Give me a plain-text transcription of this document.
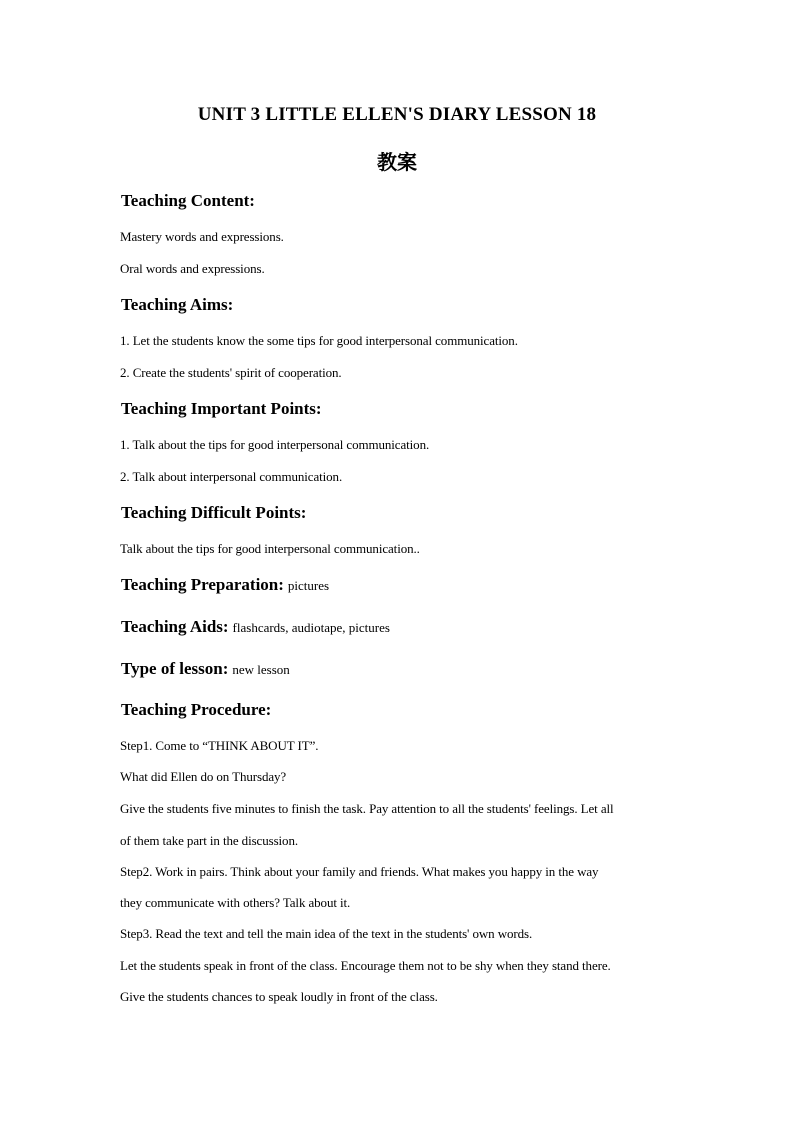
UNIT 3 LITTLE ELLEN'S DIARY LESSON 18
教案
Teaching Content:
Mastery words and expressions.
Oral words and expressions.
Teaching Aims:
1. Let the students know the some tips for good interpersonal communication.
2. Create the students' spirit of cooperation.
Teaching Important Points:
1. Talk about the tips for good interpersonal communication.
2. Talk about interpersonal communication.
Teaching Difficult Points:
Talk about the tips for good interpersonal communication..
Teaching Preparation: pictures
Teaching Aids: flashcards, audiotape, pictures
Type of lesson: new lesson
Teaching Procedure:
Step1. Come to “THINK ABOUT IT”.
What did Ellen do on Thursday?
Give the students five minutes to finish the task. Pay attention to all the students' feelings. Let all
of them take part in the discussion.
Step2. Work in pairs. Think about your family and friends. What makes you happy in the way
they communicate with others? Talk about it.
Step3. Read the text and tell the main idea of the text in the students' own words.
Let the students speak in front of the class. Encourage them not to be shy when they stand there.
Give the students chances to speak loudly in front of the class.
